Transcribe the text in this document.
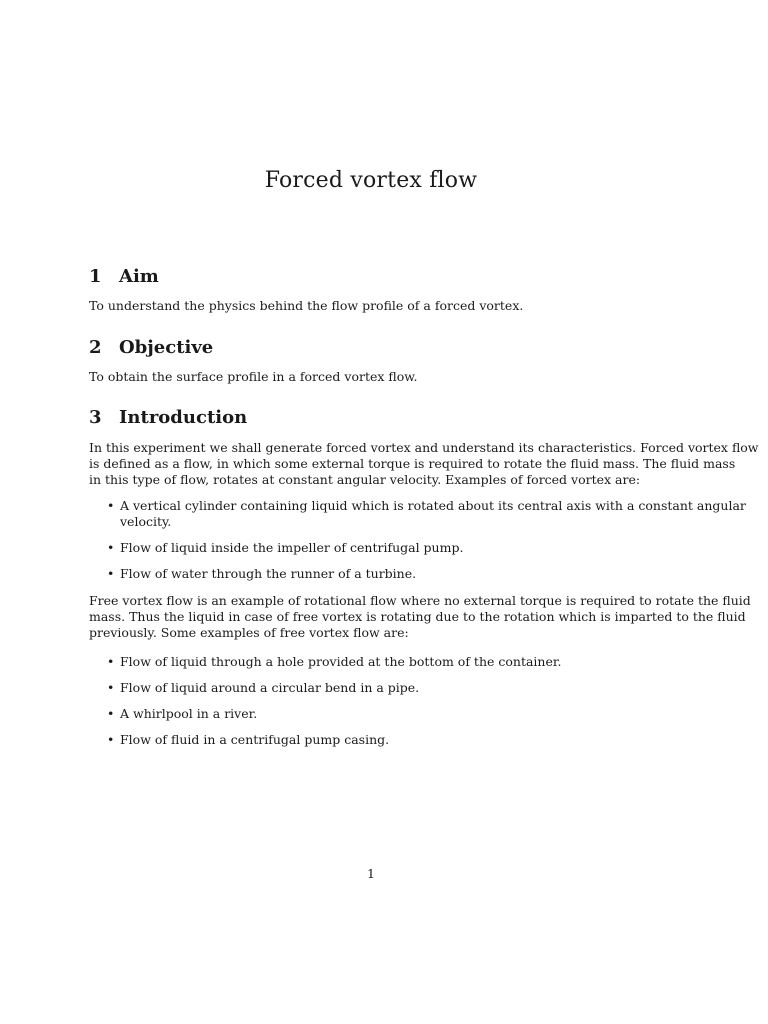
Forced vortex flow
1 Aim

To understand the physics behind the flow profile of a forced vortex.

2 Objective

To obtain the surface profile in a forced vortex flow.

3 Introduction

In this experiment we shall generate forced vortex and understand its characteristics. Forced vortex flow
is defined as a flow, in which some external torque is required to rotate the fluid mass. The fluid mass
in this type of flow, rotates at constant angular velocity. Examples of forced vortex are:

• A vertical cylinder containing liquid which is rotated about its central axis with a constant angular
velocity.
• Flow of liquid inside the impeller of centrifugal pump.
• Flow of water through the runner of a turbine.

Free vortex flow is an example of rotational flow where no external torque is required to rotate the fluid
mass. Thus the liquid in case of free vortex is rotating due to the rotation which is imparted to the fluid
previously. Some examples of free vortex flow are:

• Flow of liquid through a hole provided at the bottom of the container.
• Flow of liquid around a circular bend in a pipe.
• A whirlpool in a river.
• Flow of fluid in a centrifugal pump casing.
1
